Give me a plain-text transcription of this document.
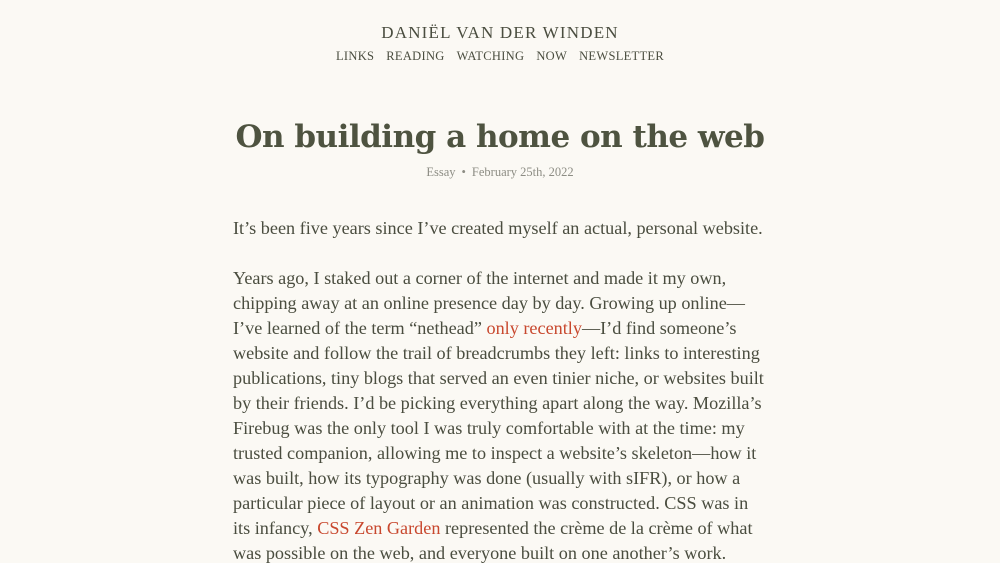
DANIËL VAN DER WINDEN
LINKS READING WATCHING NOW NEWSLETTER
On building a home on the web
Essay • February 25th, 2022

It’s been five years since I’ve created myself an actual, personal website.

Years ago, I staked out a corner of the internet and made it my own, chipping away at an online presence day by day. Growing up online—I’ve learned of the term “nethead” only recently—I’d find someone’s website and follow the trail of breadcrumbs they left: links to interesting publications, tiny blogs that served an even tinier niche, or websites built by their friends. I’d be picking everything apart along the way. Mozilla’s Firebug was the only tool I was truly comfortable with at the time: my trusted companion, allowing me to inspect a website’s skeleton—how it was built, how its typography was done (usually with sIFR), or how a particular piece of layout or an animation was constructed. CSS was in its infancy, CSS Zen Garden represented the crème de la crème of what was possible on the web, and everyone built on one another’s work.
